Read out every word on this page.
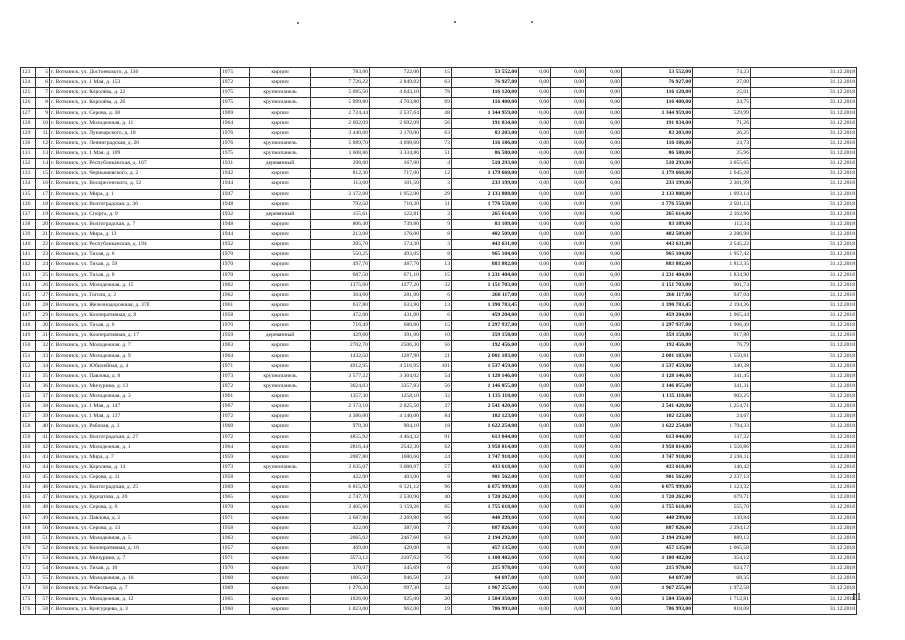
123	5	г. Воткинск, ул. Достоевского, д. 136	1975	кирпич	783,00	722,00	15	53 552,00	0,00	0,00	0,00	53 552,00	74,23	31.12.2018
124	6	г. Воткинск, ул. 1 Мая, д. 153	1972	кирпич	7 726,22	2 849,02	63	76 927,00	0,00	0,00	0,00	76 927,00	27,00	31.12.2018
125	7	г. Воткинск, ул. Королёва, д. 22	1975	крупнопанель	5 085,50	4 643,10	78	116 120,00	0,00	0,00	0,00	116 120,00	25,01	31.12.2018
126	8	г. Воткинск, ул. Королёва, д. 26	1975	крупнопанель	5 099,80	4 703,80	69	116 400,00	0,00	0,00	0,00	116 400,00	24,75	31.12.2018
127	9	г. Воткинск, ул. Серова, д. 30	1969	кирпич	2 724,44	2 537,64	48	1 344 959,00	0,00	0,00	0,00	1 344 959,00	529,99	31.12.2018
128	10	г. Воткинск, ул. Молодежная, д. 11	1964	кирпич	2 692,09	2 692,09	56	191 834,00	0,00	0,00	0,00	191 834,00	71,26	31.12.2018
129	11	г. Воткинск, ул. Луначарского, д. 18	1976	кирпич	3 440,00	3 170,00	63	83 203,00	0,00	0,00	0,00	83 203,00	26,25	31.12.2018
130	12	г. Воткинск, ул. Ленинградская, д. 26	1976	крупнопанель	5 089,70	4 698,60	73	116 186,00	0,00	0,00	0,00	116 186,00	24,73	31.12.2018
131	13	г. Воткинск, ул. 1 Мая, д. 109	1975	крупнопанель	3 608,86	3 334,86	51	86 580,00	0,00	0,00	0,00	86 580,00	25,96	31.12.2018
132	14	г. Воткинск, ул. Республиканская, д. 167	1931	деревянный	298,00	167,00	4	510 293,00	0,00	0,00	0,00	510 293,00	3 055,65	31.12.2018
133	15	г. Воткинск, ул. Чернышевского, д. 2	1942	кирпич	812,30	717,00	12	1 179 668,00	0,00	0,00	0,00	1 179 668,00	1 645,28	31.12.2018
134	16	г. Воткинск, ул. Воскресенского, д. 12	1944	кирпич	113,00	101,50	3	233 199,00	0,00	0,00	0,00	233 199,00	2 301,99	31.12.2018
135	17	г. Воткинск, ул. Мира, д. 1	1947	кирпич	2 172,00	1 952,00	29	2 133 808,00	0,00	0,00	0,00	2 133 808,00	1 093,14	31.12.2018
136	18	г. Воткинск, ул. Волгоградская, д. 36	1948	кирпич	792,50	710,30	11	1 776 550,00	0,00	0,00	0,00	1 776 550,00	2 501,13	31.12.2018
137	19	г. Воткинск, ул. Спорта, д. 9	1932	деревянный	155,61	122,81	3	265 614,00	0,00	0,00	0,00	265 614,00	2 162,80	31.12.2018
138	20	г. Воткинск, ул. Волгоградская, д. 7	1948	кирпич	806,40	739,80	9	83 109,00	0,00	0,00	0,00	83 109,00	112,34	31.12.2018
139	21	г. Воткинск, ул. Мира, д. 13	1944	кирпич	213,00	176,00	8	402 509,00	0,00	0,00	0,00	402 509,00	2 286,98	31.12.2018
140	22	г. Воткинск, ул. Республиканская, д. 194	1932	кирпич	205,70	174,30	3	443 631,00	0,00	0,00	0,00	443 631,00	2 545,22	31.12.2018
141	23	г. Воткинск, ул. Тихая, д. 6	1970	кирпич	550,25	493,05	8	965 104,00	0,00	0,00	0,00	965 104,00	1 957,42	31.12.2018
142	24	г. Воткинск, ул. Тихая, д. 59	1970	кирпич	497,70	487,70	13	883 882,00	0,00	0,00	0,00	883 882,00	1 812,35	31.12.2018
143	25	г. Воткинск, ул. Тихая, д. 8	1970	кирпич	687,50	671,10	15	1 231 404,00	0,00	0,00	0,00	1 231 404,00	1 834,90	31.12.2018
144	26	г. Воткинск, ул. Молодежная, д. 15	1962	кирпич	1375,60	1277,20	32	1 151 703,00	0,00	0,00	0,00	1 151 703,00	901,74	31.12.2018
145	27	г. Воткинск, ул. Гоголя, д. 2	1962	кирпич	304,00	281,00	6	266 117,00	0,00	0,00	0,00	266 117,00	947,04	31.12.2018
146	28	г. Воткинск, ул. Железнодорожная, д. 37б	1961	кирпич	637,80	633,80	13	1 390 783,45	0,00	0,00	0,00	1 390 783,45	2 194,36	31.12.2018
147	29	г. Воткинск, ул. Кооперативная, д. 8	1958	кирпич	472,00	431,00	6	459 204,00	0,00	0,00	0,00	459 204,00	1 065,44	31.12.2018
148	30	г. Воткинск, ул. Тихая, д. 6	1970	кирпич	716,49	680,80	15	1 297 937,00	0,00	0,00	0,00	1 297 937,00	1 906,49	31.12.2018
149	31	г. Воткинск, ул. Кооперативная, д. 17	1959	деревянный	429,00	391,00	10	359 158,00	0,00	0,00	0,00	359 158,00	917,80	31.12.2018
150	32	г. Воткинск, ул. Молодежная, д. 7	1963	кирпич	2702,70	2506,30	56	192 456,00	0,00	0,00	0,00	192 456,00	76,79	31.12.2018
151	33	г. Воткинск, ул. Молодежная, д. 9	1964	кирпич	1432,50	1287,90	21	2 001 183,00	0,00	0,00	0,00	2 001 183,00	1 550,81	31.12.2018
152	34	г. Воткинск, ул. Юбилейная, д. 4	1971	кирпич	4912,95	4 516,95	101	1 537 459,00	0,00	0,00	0,00	1 537 459,00	340,38	31.12.2018
153	35	г. Воткинск, ул. Павлова, д. 8	1973	крупнопанель	3 577,22	3 304,02	54	1 128 146,00	0,00	0,00	0,00	1 128 146,00	341,45	31.12.2018
154	36	г. Воткинск, ул. Мичурина, д. 13	1972	крупнопанель	3624,03	3357,83	56	1 146 055,00	0,00	0,00	0,00	1 146 055,00	341,31	31.12.2018
155	37	г. Воткинск, ул. Молодежная, д. 3	1961	кирпич	1357,30	1258,10	32	1 135 118,00	0,00	0,00	0,00	1 135 118,00	902,25	31.12.2018
156	38	г. Воткинск, ул. 1 Мая, д. 147	1967	кирпич	2 173,10	2 025,50	37	2 541 420,00	0,00	0,00	0,00	2 541 420,00	1 254,71	31.12.2018
157	39	г. Воткинск, ул. 1 Мая, д. 137	1972	кирпич	4 386,00	4 140,00	84	102 123,00	0,00	0,00	0,00	102 123,00	24,67	31.12.2018
158	40	г. Воткинск, ул. Рабочая, д. 3	1969	кирпич	970,30	904,10	18	1 622 254,00	0,00	0,00	0,00	1 622 254,00	1 794,33	31.12.2018
159	41	г. Воткинск, ул. Волгоградская, д. 27	1972	кирпич	4855,92	4 464,32	91	613 044,00	0,00	0,00	0,00	613 044,00	137,32	31.12.2018
160	42	г. Воткинск, ул. Молодежная, д. 1	1964	кирпич	2816,44	2542,30	62	3 958 014,00	0,00	0,00	0,00	3 958 014,00	1 556,86	31.12.2018
161	43	г. Воткинск, ул. Мира, д. 7	1959	кирпич	2087,80	1680,60	24	3 747 918,00	0,00	0,00	0,00	3 747 918,00	2 230,11	31.12.2018
162	44	г. Воткинск, ул. Королева, д. 14	1973	крупнопанель	3 635,07	3 088,07	57	433 618,00	0,00	0,00	0,00	433 618,00	140,42	31.12.2018
163	45	г. Воткинск, ул. Серова, д. 11	1958	кирпич	422,00	403,00	8	901 562,00	0,00	0,00	0,00	901 562,00	2 237,13	31.12.2018
164	46	г. Воткинск, ул. Волгоградская, д. 25	1969	кирпич	6 815,92	6 121,12	96	6 875 999,00	0,00	0,00	0,00	6 875 999,00	1 123,32	31.12.2018
165	47	г. Воткинск, ул. Курчатова, д. 20	1965	кирпич	2 747,70	2 530,90	40	1 720 262,00	0,00	0,00	0,00	1 720 262,00	679,71	31.12.2018
166	48	г. Воткинск, ул. Серова, д. 6	1970	кирпич	3 405,66	3 159,26	65	1 755 618,00	0,00	0,00	0,00	1 755 618,00	555,70	31.12.2018
167	49	г. Воткинск, ул. Павлова, д. 2	1971	кирпич	3 687,80	3 269,80	66	448 299,00	0,00	0,00	0,00	448 299,00	139,84	31.12.2018
168	50	г. Воткинск, ул. Серова, д. 13	1958	кирпич	422,00	387,00	7	887 826,00	0,00	0,00	0,00	887 826,00	2 294,12	31.12.2018
169	51	г. Воткинск, ул. Молодежная, д. 5	1963	кирпич	2665,02	2467,60	63	2 194 292,00	0,00	0,00	0,00	2 194 292,00	889,13	31.12.2018
170	52	г. Воткинск, ул. Кооперативная, д. 16	1957	кирпич	469,00	429,00	8	457 135,00	0,00	0,00	0,00	457 135,00	1 065,58	31.12.2018
171	53	г. Воткинск, ул. Мичурина, д. 7	1971	кирпич	3573,12	3107,62	76	1 100 482,00	0,00	0,00	0,00	1 100 482,00	354,12	31.12.2018
172	54	г. Воткинск, ул. Тихая, д. 10	1970	кирпич	370,07	345,69	6	215 978,00	0,00	0,00	0,00	215 978,00	624,77	31.12.2018
173	55	г. Воткинск, ул. Молодежная, д. 10	1960	кирпич	1005,50	946,50	23	64 697,00	0,00	0,00	0,00	64 697,00	68,35	31.12.2018
174	56	г. Воткинск, ул. Робеспьера, д. 7	1969	кирпич	1 276,20	997,30	22	1 967 255,00	0,00	0,00	0,00	1 967 255,00	1 972,58	31.12.2018
175	57	г. Воткинск, ул. Молодежная, д. 12	1965	кирпич	1026,00	925,00	20	1 584 350,00	0,00	0,00	0,00	1 584 350,00	1 712,81	31.12.2018
176	58	г. Воткинск, ул. Кунгурцева, д. 3	1960	кирпич	1 023,00	962,00	19	786 993,00	0,00	0,00	0,00	786 993,00	818,08	31.12.2018
11
